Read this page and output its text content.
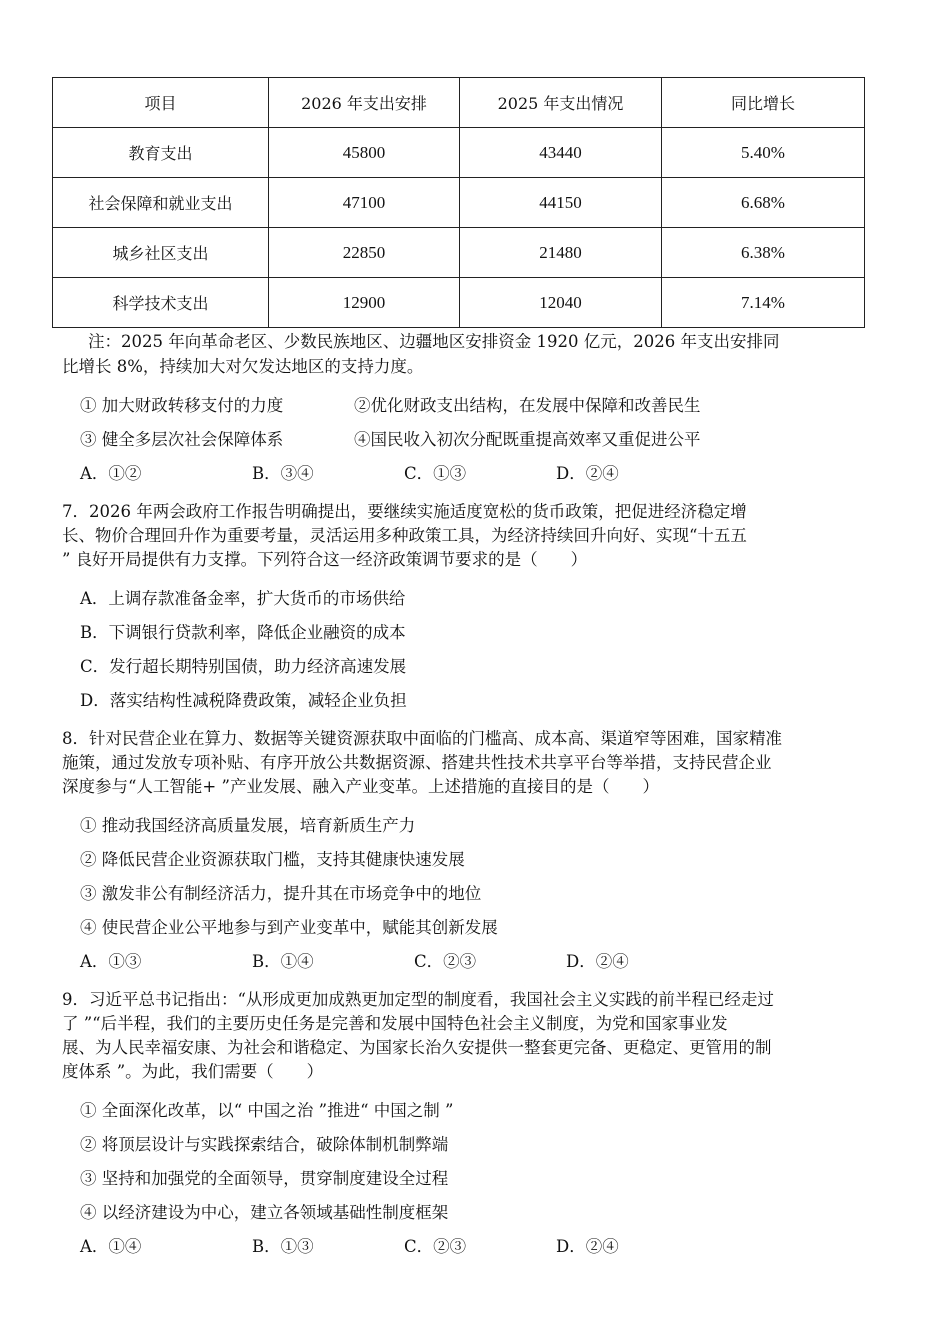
项目	2026 年支出安排	2025 年支出情况	同比增长
教育支出	45800	43440	5.40%
社会保障和就业支出	47100	44150	6.68%
城乡社区支出	22850	21480	6.38%
科学技术支出	12900	12040	7.14%
注：2025 年向革命老区、少数民族地区、边疆地区安排资金 1920 亿元，2026 年支出安排同
比增长 8%，持续加大对欠发达地区的支持力度。
① 加大财政转移支付的力度	②优化财政支出结构，在发展中保障和改善民生
③ 健全多层次社会保障体系	④国民收入初次分配既重提高效率又重促进公平
A．①②	B．③④	C．①③	D．②④
7．2026 年两会政府工作报告明确提出，要继续实施适度宽松的货币政策，把促进经济稳定增
长、物价合理回升作为重要考量，灵活运用多种政策工具，为经济持续回升向好、实现“十五五
” 良好开局提供有力支撑。下列符合这一经济政策调节要求的是（　　）
A．上调存款准备金率，扩大货币的市场供给
B．下调银行贷款利率，降低企业融资的成本
C．发行超长期特别国债，助力经济高速发展
D．落实结构性减税降费政策，减轻企业负担
8．针对民营企业在算力、数据等关键资源获取中面临的门槛高、成本高、渠道窄等困难，国家精准
施策，通过发放专项补贴、有序开放公共数据资源、搭建共性技术共享平台等举措，支持民营企业
深度参与“人工智能+ ”产业发展、融入产业变革。上述措施的直接目的是（　　）
① 推动我国经济高质量发展，培育新质生产力
② 降低民营企业资源获取门槛，支持其健康快速发展
③ 激发非公有制经济活力，提升其在市场竞争中的地位
④ 使民营企业公平地参与到产业变革中，赋能其创新发展
A．①③	B．①④	C．②③	D．②④
9．习近平总书记指出：“从形成更加成熟更加定型的制度看，我国社会主义实践的前半程已经走过
了 ”“后半程，我们的主要历史任务是完善和发展中国特色社会主义制度，为党和国家事业发
展、为人民幸福安康、为社会和谐稳定、为国家长治久安提供一整套更完备、更稳定、更管用的制
度体系 ”。为此，我们需要（　　）
① 全面深化改革，以“ 中国之治 ”推进“ 中国之制 ”
② 将顶层设计与实践探索结合，破除体制机制弊端
③ 坚持和加强党的全面领导，贯穿制度建设全过程
④ 以经济建设为中心，建立各领域基础性制度框架
A．①④	B．①③	C．②③	D．②④
